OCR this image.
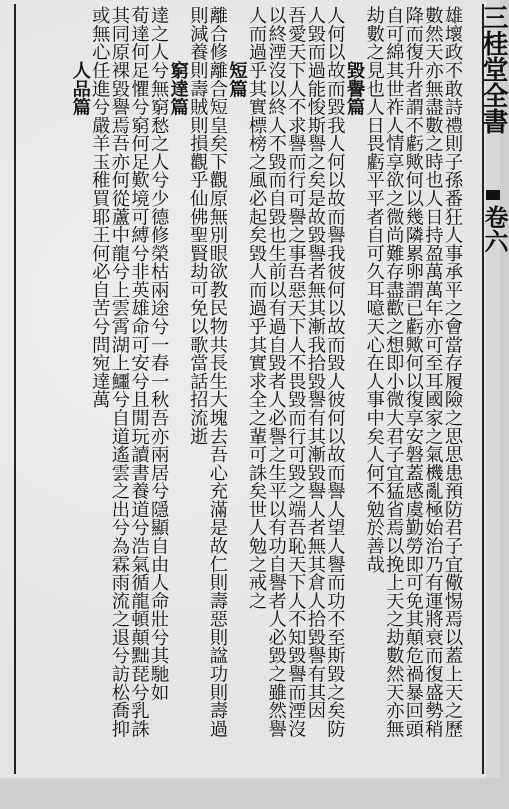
雄壞政不敢詩禮則子孫番狂人事承平之會當存履險之思思患預防君子宜儆惕焉以蓋上天之歷
數然天亦無盡數之時也人日持盈萬萬年亦可至耳國家之氣機亂極始治乃有運將衰而復盛勢稍
降而復升者謂不虧歟何以幾隣累卵謂已虧歟何以復享安磐蓋感虞勤勞即可免其顛危禍暴回頭
自可綿其世祚人情享欲之微尚難存盡歡之想即小微大君子宜猛省焉以挽上天之劫數然天亦無
劫數之見也人日畏虧平平者自可久耳噫天心在人事中矣人何不勉於善哉
毀譽篇
人何以故而毀我人何以故而譽我彼何以故而毀人彼何以故而譽人望人譽而功不至斯毀之矣防
人毀而過能悛斯譽之矣是故毀譽者無其漸我拾毀譽有其漸毀譽人者無其倉人拾毀譽有其因
吾愛天下人不求譽而行可譽之事吾惡天下人不畏毀而行可毀之端吾恥天下人不知毀譽而湮沒
以終湮沒以終人不毀而自毀也生前以有過自毀者人必譽之生平以有功自譽者人必毀之雖然譽
人而過乎其實標榜之風必起矣毀人而過乎其實求全之輩可誅矣世人勉之戒之
短篇
離合修離合短皇矣下觀原無別眼欲教民物共長生大塊去吾心充滿是故仁則壽惡則諡功則壽過
則減養則壽賊則損觀乎仙佛聖賢劫可免以歌當話招流逝
窮達篇
達之人兮無窮愁之人兮少德修榮枯兩途兮一春一秋吾亦兩居兮隱顯自由人命壯兮其馳如
荀達何足懼兮窮何足歎境可縛兮非英雄命可安兮且閒玩讀書養道兮浩氣循龍頓顛黜琵兮乳誅
其同原裸毀譽焉吾亦何從蘆中龍兮上雲霄湖上鱷兮自道遙雲之出兮為霖雨流之退兮訪松喬抑
或無心任進兮嚴羊玉稚買耶王何必自苦兮問宛達萬
人品篇	三桂堂全書
卷六
